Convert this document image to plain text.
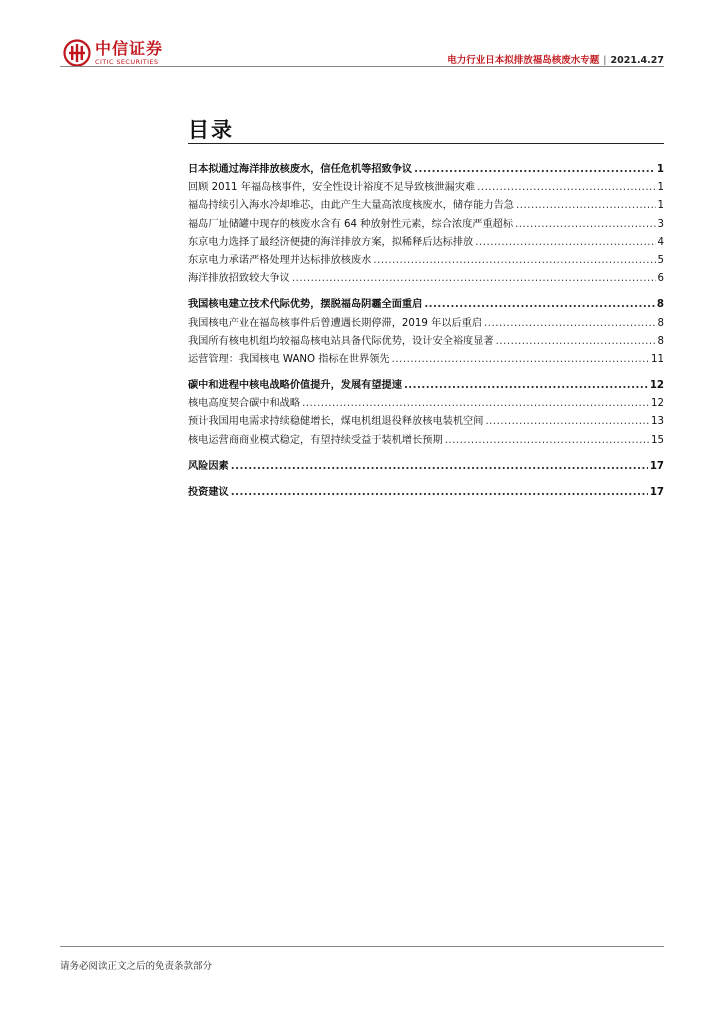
中信证券
CITIC SECURITIES	电力行业日本拟排放福岛核废水专题 | 2021.4.27
目录
日本拟通过海洋排放核废水，信任危机等招致争议 .....	1
回顾 2011 年福岛核事件，安全性设计裕度不足导致核泄漏灾难 .....	1
福岛持续引入海水冷却堆芯，由此产生大量高浓度核废水，储存能力告急 .....	1
福岛厂址储罐中现存的核废水含有 64 种放射性元素，综合浓度严重超标 .....	3
东京电力选择了最经济便捷的海洋排放方案，拟稀释后达标排放 .....	4
东京电力承诺严格处理并达标排放核废水 .....	5
海洋排放招致较大争议 .....	6
我国核电建立技术代际优势，摆脱福岛阴霾全面重启 .....	8
我国核电产业在福岛核事件后曾遭遇长期停滞，2019 年以后重启 .....	8
我国所有核电机组均较福岛核电站具备代际优势，设计安全裕度显著 .....	8
运营管理：我国核电 WANO 指标在世界领先 .....	11
碳中和进程中核电战略价值提升，发展有望提速 .....	12
核电高度契合碳中和战略 .....	12
预计我国用电需求持续稳健增长，煤电机组退役释放核电装机空间 .....	13
核电运营商商业模式稳定，有望持续受益于装机增长预期 .....	15
风险因素 .....	17
投资建议 .....	17
请务必阅读正文之后的免责条款部分
